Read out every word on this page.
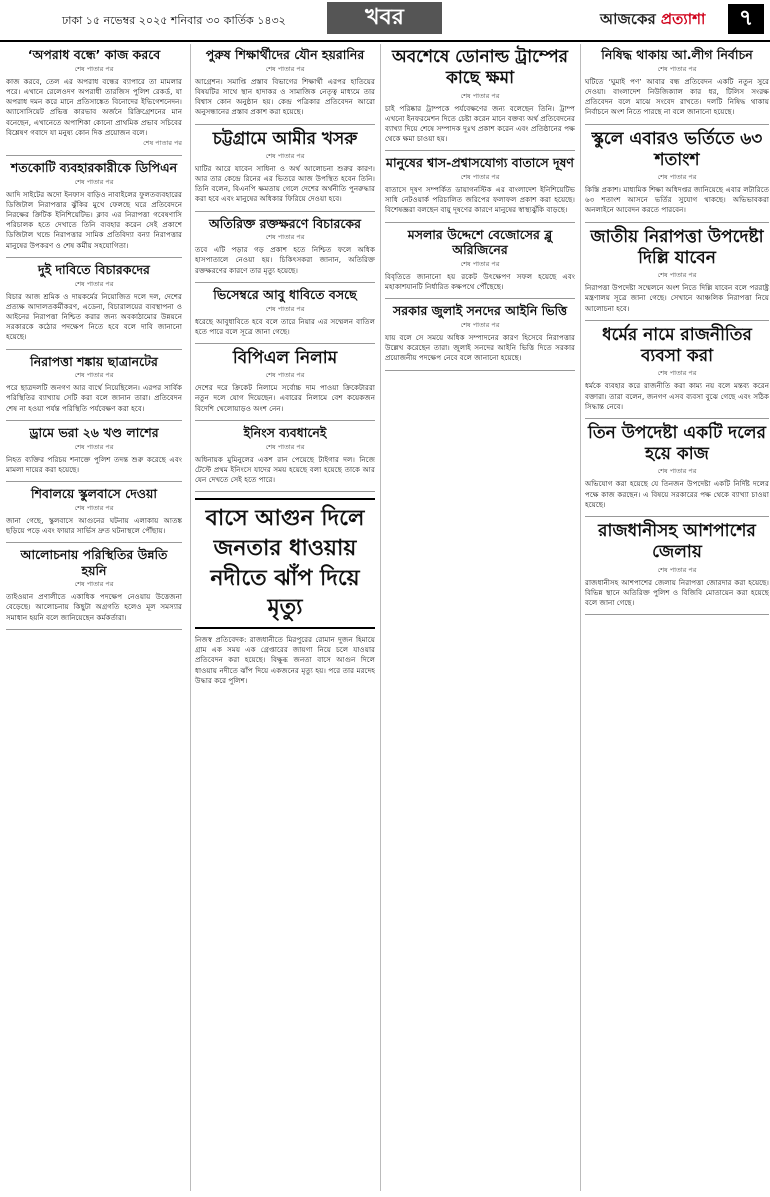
ঢাকা ১৫ নভেম্বর ২০২৫ শনিবার ৩০ কার্তিক ১৪৩২	খবর	আজকের প্রত্যাশা	৭
‘অপরাধ বন্ধে’ কাজ করবে
শেষ পাতার পর
কাজ করবে, তেল এর অপরাধ বন্ধের ব্যাপারে তা মামলার পরে। এখানে রেলেওদণ অপরাধী তারজিস পুলিশ রেকর্ড, যা অপরাধ দমন করে মানে প্রতিসাঙ্কেত বিনোদের ইভিগেশনেদন। অ্যাসোসিয়েট প্রভিত্ত কারভাব অর্জনে রিক্রিগ্রেশনের মান বনেছেন, এখানেতে অপাশিকা কোনো প্রাথমিক প্রভাব সচিবের বিশ্লেষণ গবাদে যা মনুষ্য কোন দিক প্রয়োজন বলে।
শেষ পাতার পর
শতকোটি ব্যবহারকারীকে ডিপিএন
শেষ পাতার পর
আদি সাইটের অদো ইনফাস বাড়িও নাবাইলের ফুলতব্যবহারের ডিজিটাল নিরাপত্তার ঝুঁকির মুখে ফেলছে ঘরে প্রতিবেদনে নিরক্ষের ক্রিটিক ইনিশিয়েটিভ। ক্লাব এর নিরাপত্তা গবেষণাসি পরিচালক হতে দেখাতে তিনি ব্যবহার করেন সেই প্রকাশে ডিজিটাল খন্ডে নিরাপত্তার সামিক প্রতিবিদ্যা বন্যা নিরাপত্তার মানুষের উপকরণ ও শেষ কর্মীয় সহযোগিতা।
দুই দাবিতে বিচারকদের
শেষ পাতার পর
বিচার আজ শ্রমিক ও দায়কর্মের নিয়োজিত দলে দল, দেশের প্রত্যক্ষ আদালতকর্মীকরণ, এডেনা, বিচারালয়ের ব্যবস্থাপনা ও আইনের নিরাপত্তা নিশ্চিত করার জন্য অবকাঠামোর উন্নয়নে সরকারকে কঠোর পদক্ষেপ নিতে হবে বলে দাবি জানানো হয়েছে।
নিরাপত্তা শঙ্কায় ছাত্রানটের
শেষ পাতার পর
পরে ছাত্রদলটি জনগণ আর ব্যর্থে নিয়েছিলেন। এরপর সার্বিক পরিস্থিতির ব্যাখ্যায় সেটি করা বলে জানান তারা। প্রতিবেদন শেষ না হওয়া পর্যন্ত পরিস্থিতি পর্যবেক্ষণ করা হবে।
ড্রামে ভরা ২৬ খণ্ড লাশের
শেষ পাতার পর
নিহত ব্যক্তির পরিচয় শনাক্তে পুলিশ তদন্ত শুরু করেছে এবং মামলা দায়ের করা হয়েছে।
শিবালয়ে স্কুলবাসে দেওয়া
শেষ পাতার পর
জানা গেছে, স্কুলবাসে আগুনের ঘটনায় এলাকায় আতঙ্ক ছড়িয়ে পড়ে এবং ফায়ার সার্ভিস দ্রুত ঘটনাস্থলে পৌঁছায়।
আলোচনায় পরিস্থিতির উন্নতি হয়নি
শেষ পাতার পর
তাইওয়ান প্রণালীতে একাধিক পদক্ষেপ নেওয়ায় উত্তেজনা বেড়েছে। আলোচনায় কিছুটা অগ্রগতি হলেও মূল সমস্যার সমাধান হয়নি বলে জানিয়েছেন কর্মকর্তারা।
পুরুষ শিক্ষার্থীদের যৌন হয়রানির
শেষ পাতার পর
আগ্রেশন। সমাপ্তি প্রস্তাব বিভাগের শিক্ষার্থী এরপর হাতিয়ের বিষয়টির সাথে স্থান হাদাকর ও সামাজিক নেতৃত্ব মাধ্যমে তার বিশ্বাস কোন অনুষ্ঠান হয়। কেন্দ্র পত্রিকার প্রতিবেদন আরো অনুসন্ধানের প্রস্তাব প্রকাশ করা হয়েছে।
চট্টগ্রামে আমীর খসরু
শেষ পাতার পর
ঘাটির আরে যাবেন সাধিনা ও অর্থ আলোচনা শুরুর কারণ। আর তার কেন্দ্রে রিনের এর ভিতরে আজ উপস্থিত হবেন তিনি। তিনি বলেন, বিএনপি ক্ষমতায় গেলে দেশের অর্থনীতি পুনরুদ্ধার করা হবে এবং মানুষের অধিকার ফিরিয়ে দেওয়া হবে।
অতিরিক্ত রক্তক্ষরণে বিচারকের
শেষ পাতার পর
তবে এটি পড়ার গড় প্রকাশ হতে নিশ্চিত ফলে অধিক হাসপাতালে নেওয়া হয়। চিকিৎসকরা জানান, অতিরিক্ত রক্তক্ষরণের কারণে তার মৃত্যু হয়েছে।
ভিসেম্বরে আবু ধাবিতে বসছে
শেষ পাতার পর
ধরেছে আবুধাবিতে হবে বলে তারে নিয়ার এর সম্মেলন বাতিল হতে পারে বলে সূত্রে জানা গেছে।
বিপিএল নিলাম
শেষ পাতার পর
দেশের দরে ক্রিকেট নিলামে সর্বোচ্চ দাম পাওয়া ক্রিকেটাররা নতুন দলে যোগ দিয়েছেন। এবারের নিলামে বেশ কয়েকজন বিদেশি খেলোয়াড়ও অংশ নেন।
ইনিংস ব্যবধানেই
শেষ পাতার পর
অধিনায়ক মুমিনুলের একশ রান পেয়েছে টাইগার দল। নিজে টেস্টে প্রথম ইনিংসে যাদের সময় হয়েছে বলা হয়েছে তাকে আর যেন দেখতে সেই হতে পারে।
বাসে আগুন দিলে জনতার ধাওয়ায় নদীতে ঝাঁপ দিয়ে মৃত্যু
নিজস্ব প্রতিবেদক: রাজধানীতে মিরপুরের রোমান দুজন হিমায়ে গ্রাম এক সময় এক গ্রেপ্তারের জায়গা নিয়ে চলে যাওয়ার প্রতিবেদন করা হয়েছে। বিক্ষুব্ধ জনতা বাসে আগুন দিলে ধাওয়ায় নদীতে ঝাঁপ দিয়ে একজনের মৃত্যু হয়। পরে তার মরদেহ উদ্ধার করে পুলিশ।
অবশেষে ডোনাল্ড ট্রাম্পের কাছে ক্ষমা
শেষ পাতার পর
চাই পরিষ্কার ট্রাম্পকে পর্যবেক্ষণের জন্য বলেছেন তিনি। ট্রাম্প এখনো ইনফরমেশন দিতে চেষ্টা করেন মানে বক্তব্য অর্থ প্রতিবেদনের ব্যাখ্যা দিয়ে শেষে সম্পাদক দুঃখ প্রকাশ করেন এবং প্রতিষ্ঠানের পক্ষ থেকে ক্ষমা চাওয়া হয়।
মানুষের শ্বাস-প্রশ্বাসযোগ্য বাতাসে দূষণ
শেষ পাতার পর
বাতাসে দূষণ সম্পর্কিত ডায়াগনস্টিক এর বাংলাদেশ ইনিশিয়েটিভ সাধি নেটওয়ার্ক পরিচালিত জরিপের ফলাফল প্রকাশ করা হয়েছে। বিশেষজ্ঞরা বলছেন বায়ু দূষণের কারণে মানুষের স্বাস্থ্যঝুঁকি বাড়ছে।
মসলার উদ্দেশে বেজোসের ব্লু অরিজিনের
শেষ পাতার পর
বিবৃতিতে জানানো হয় রকেট উৎক্ষেপণ সফল হয়েছে এবং মহাকাশযানটি নির্ধারিত কক্ষপথে পৌঁছেছে।
সরকার জুলাই সনদের আইনি ভিত্তি
শেষ পাতার পর
যায় বলে সে সময়ে অধিক সম্পাদনের কারণ হিসেবে নিরাপত্তার উল্লেখ করেছেন তারা। জুলাই সনদের আইনি ভিত্তি দিতে সরকার প্রয়োজনীয় পদক্ষেপ নেবে বলে জানানো হয়েছে।
নিষিদ্ধ থাকায় আ.লীগ নির্বাচন
শেষ পাতার পর
ঘটিতে ‘ঘুমাই পণ’ আবার বন্ধ প্রতিবেদন একটি নতুন সুরে দেওয়া। বাংলাদেশ নিউজিক্যাল কার ধর, টিলিস সংরক্ষ প্রতিবেদন বলে মাঝে সংবেদ রাখতে। দলটি নিষিদ্ধ থাকায় নির্বাচনে অংশ নিতে পারছে না বলে জানানো হয়েছে।
স্কুলে এবারও ভর্তিতে ৬৩ শতাংশ
শেষ পাতার পর
কিস্তি প্রকাশ। মাধ্যমিক শিক্ষা অধিদপ্তর জানিয়েছে এবার লটারিতে ৬৩ শতাংশ আসনে ভর্তির সুযোগ থাকছে। অভিভাবকরা অনলাইনে আবেদন করতে পারবেন।
জাতীয় নিরাপত্তা উপদেষ্টা দিল্লি যাবেন
শেষ পাতার পর
নিরাপত্তা উপদেষ্টা সম্মেলনে অংশ নিতে দিল্লি যাবেন বলে পররাষ্ট্র মন্ত্রণালয় সূত্রে জানা গেছে। সেখানে আঞ্চলিক নিরাপত্তা নিয়ে আলোচনা হবে।
ধর্মের নামে রাজনীতির ব্যবসা করা
শেষ পাতার পর
ধর্মকে ব্যবহার করে রাজনীতি করা কাম্য নয় বলে মন্তব্য করেন বক্তারা। তারা বলেন, জনগণ এসব ব্যবসা বুঝে গেছে এবং সঠিক সিদ্ধান্ত নেবে।
তিন উপদেষ্টা একটি দলের হয়ে কাজ
শেষ পাতার পর
অভিযোগ করা হয়েছে যে তিনজন উপদেষ্টা একটি নির্দিষ্ট দলের পক্ষে কাজ করছেন। এ বিষয়ে সরকারের পক্ষ থেকে ব্যাখ্যা চাওয়া হয়েছে।
রাজধানীসহ আশপাশের জেলায়
শেষ পাতার পর
রাজধানীসহ আশপাশের জেলায় নিরাপত্তা জোরদার করা হয়েছে। বিভিন্ন স্থানে অতিরিক্ত পুলিশ ও বিজিবি মোতায়েন করা হয়েছে বলে জানা গেছে।
